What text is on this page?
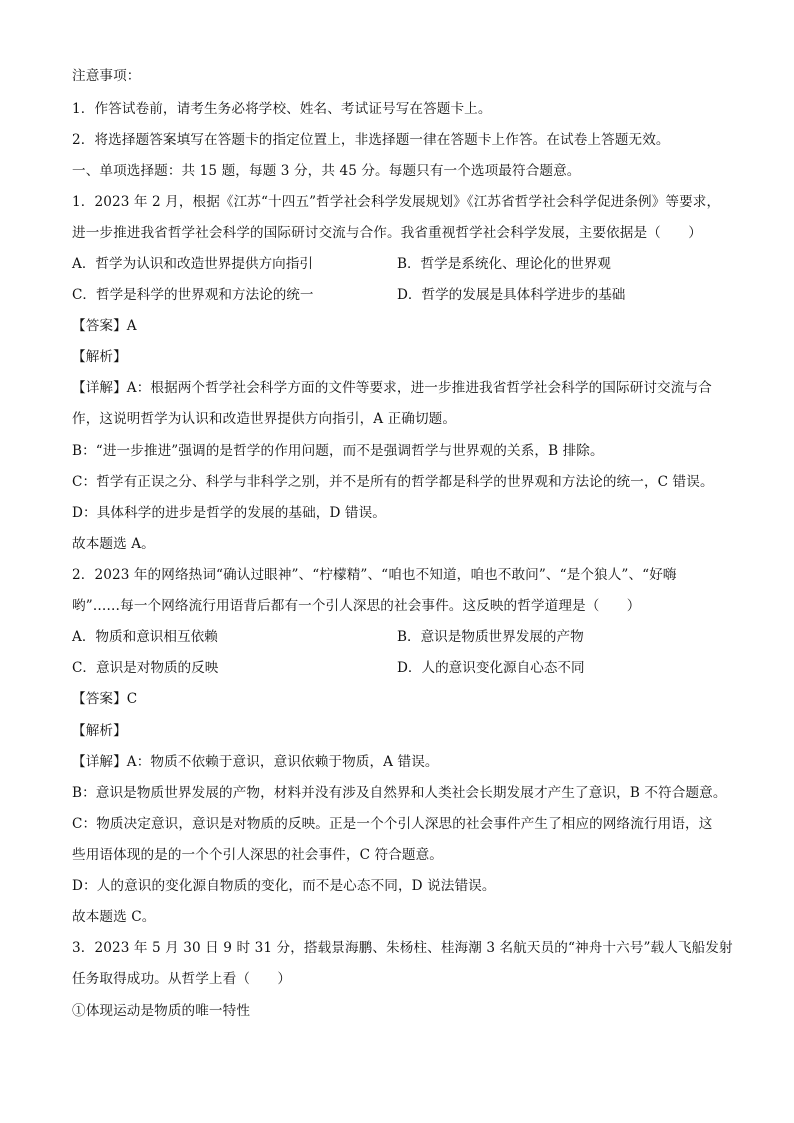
注意事项：
1．作答试卷前，请考生务必将学校、姓名、考试证号写在答题卡上。
2．将选择题答案填写在答题卡的指定位置上，非选择题一律在答题卡上作答。在试卷上答题无效。
一、单项选择题：共 15 题，每题 3 分，共 45 分。每题只有一个选项最符合题意。
1．2023 年 2 月，根据《江苏“十四五”哲学社会科学发展规划》《江苏省哲学社会科学促进条例》等要求，
进一步推进我省哲学社会科学的国际研讨交流与合作。我省重视哲学社会科学发展，主要依据是（　　）
A．哲学为认识和改造世界提供方向指引	B．哲学是系统化、理论化的世界观
C．哲学是科学的世界观和方法论的统一	D．哲学的发展是具体科学进步的基础
【答案】A
【解析】
【详解】A：根据两个哲学社会科学方面的文件等要求，进一步推进我省哲学社会科学的国际研讨交流与合
作，这说明哲学为认识和改造世界提供方向指引，A 正确切题。
B：“进一步推进”强调的是哲学的作用问题，而不是强调哲学与世界观的关系，B 排除。
C：哲学有正误之分、科学与非科学之别，并不是所有的哲学都是科学的世界观和方法论的统一，C 错误。
D：具体科学的进步是哲学的发展的基础，D 错误。
故本题选 A。
2．2023 年的网络热词“确认过眼神”、“柠檬精”、“咱也不知道，咱也不敢问”、“是个狼人”、“好嗨
哟”……每一个网络流行用语背后都有一个引人深思的社会事件。这反映的哲学道理是（　　）
A．物质和意识相互依赖	B．意识是物质世界发展的产物
C．意识是对物质的反映	D．人的意识变化源自心态不同
【答案】C
【解析】
【详解】A：物质不依赖于意识，意识依赖于物质，A 错误。
B：意识是物质世界发展的产物，材料并没有涉及自然界和人类社会长期发展才产生了意识，B 不符合题意。
C：物质决定意识，意识是对物质的反映。正是一个个引人深思的社会事件产生了相应的网络流行用语，这
些用语体现的是的一个个引人深思的社会事件，C 符合题意。
D：人的意识的变化源自物质的变化，而不是心态不同，D 说法错误。
故本题选 C。
3．2023 年 5 月 30 日 9 时 31 分，搭载景海鹏、朱杨柱、桂海潮 3 名航天员的“神舟十六号”载人飞船发射
任务取得成功。从哲学上看（　　）
①体现运动是物质的唯一特性
